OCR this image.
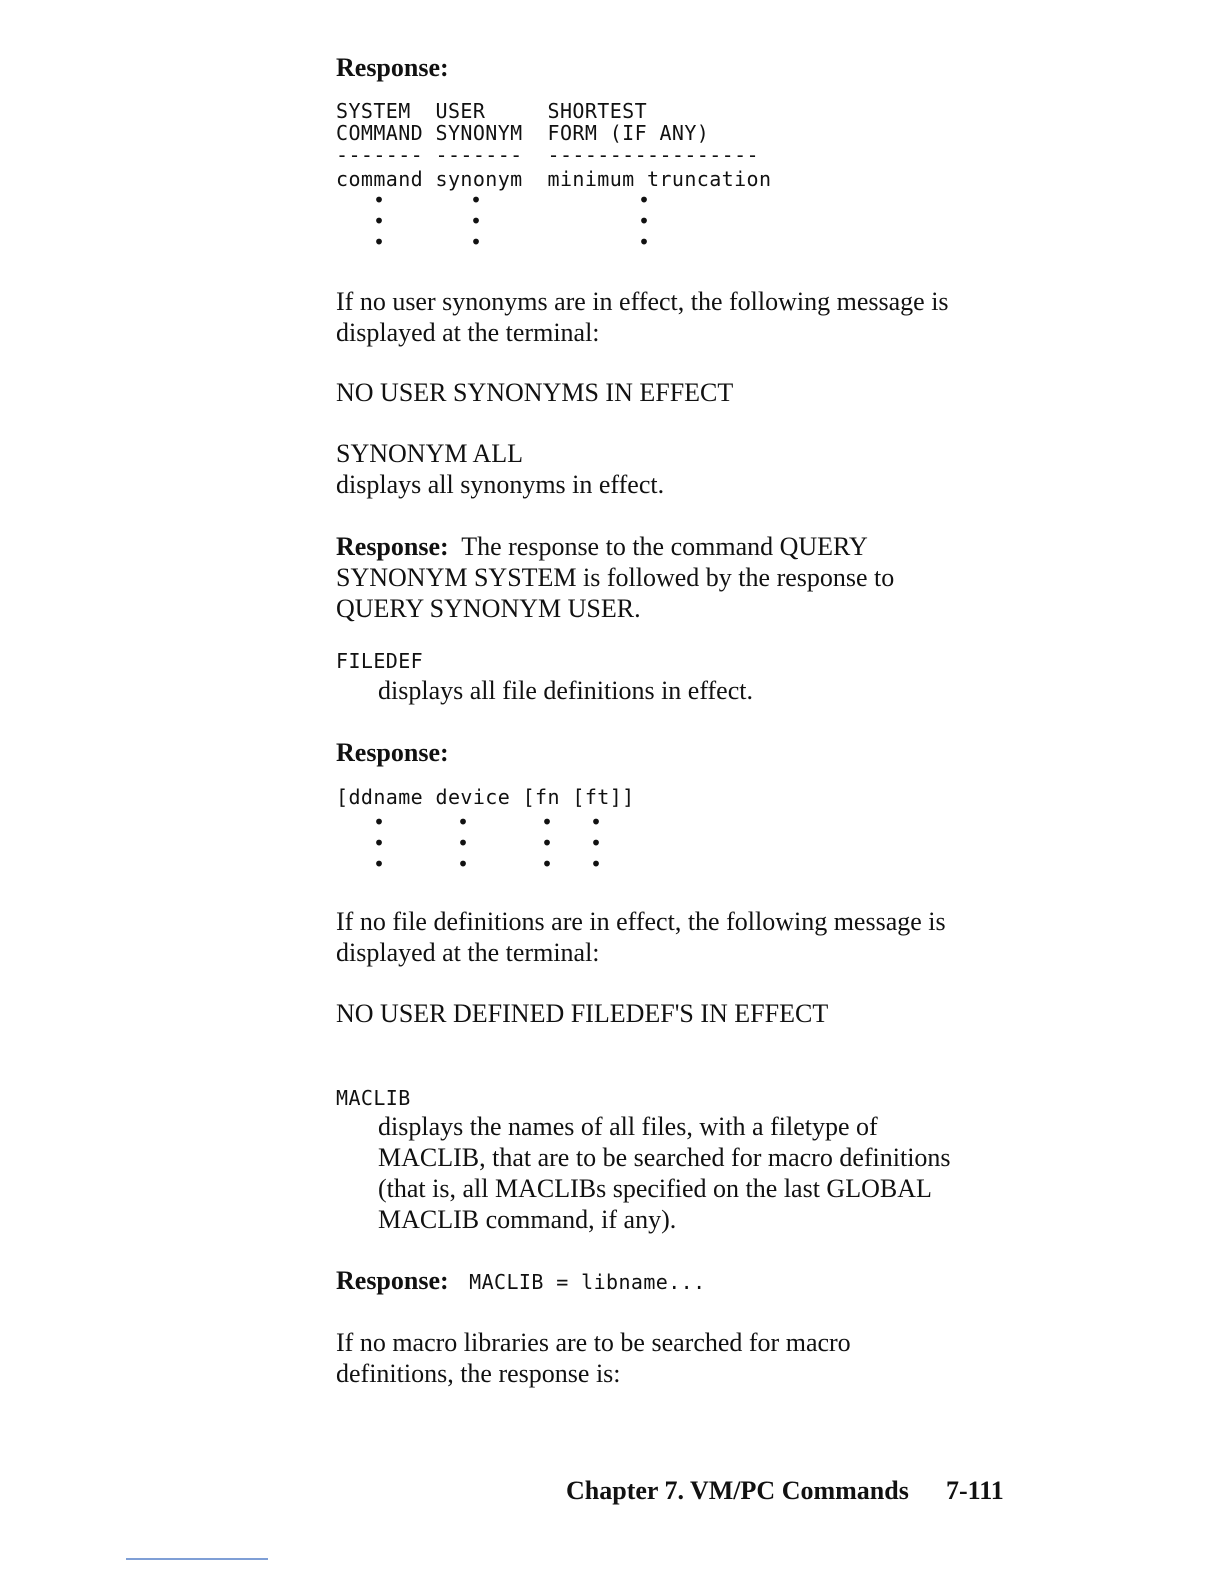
Response:
SYSTEM  USER     SHORTEST
COMMAND SYNONYM  FORM (IF ANY)
------- -------  -----------------
command synonym  minimum truncation
•
•
•
•
•
•
•
•
•
If no user synonyms are in effect, the following message is
displayed at the terminal:
NO USER SYNONYMS IN EFFECT
SYNONYM ALL
displays all synonyms in effect.
Response: The response to the command QUERY
SYNONYM SYSTEM is followed by the response to
QUERY SYNONYM USER.
FILEDEF
displays all file definitions in effect.
Response:
[ddname device [fn [ft]]
•
•
•
•
•
•
•
•
•
•
•
•
If no file definitions are in effect, the following message is
displayed at the terminal:
NO USER DEFINED FILEDEF'S IN EFFECT
MACLIB
displays the names of all files, with a filetype of
MACLIB, that are to be searched for macro definitions
(that is, all MACLIBs specified on the last GLOBAL
MACLIB command, if any).
Response: MACLIB = libname...
If no macro libraries are to be searched for macro
definitions, the response is:
Chapter 7. VM/PC Commands 7-111
